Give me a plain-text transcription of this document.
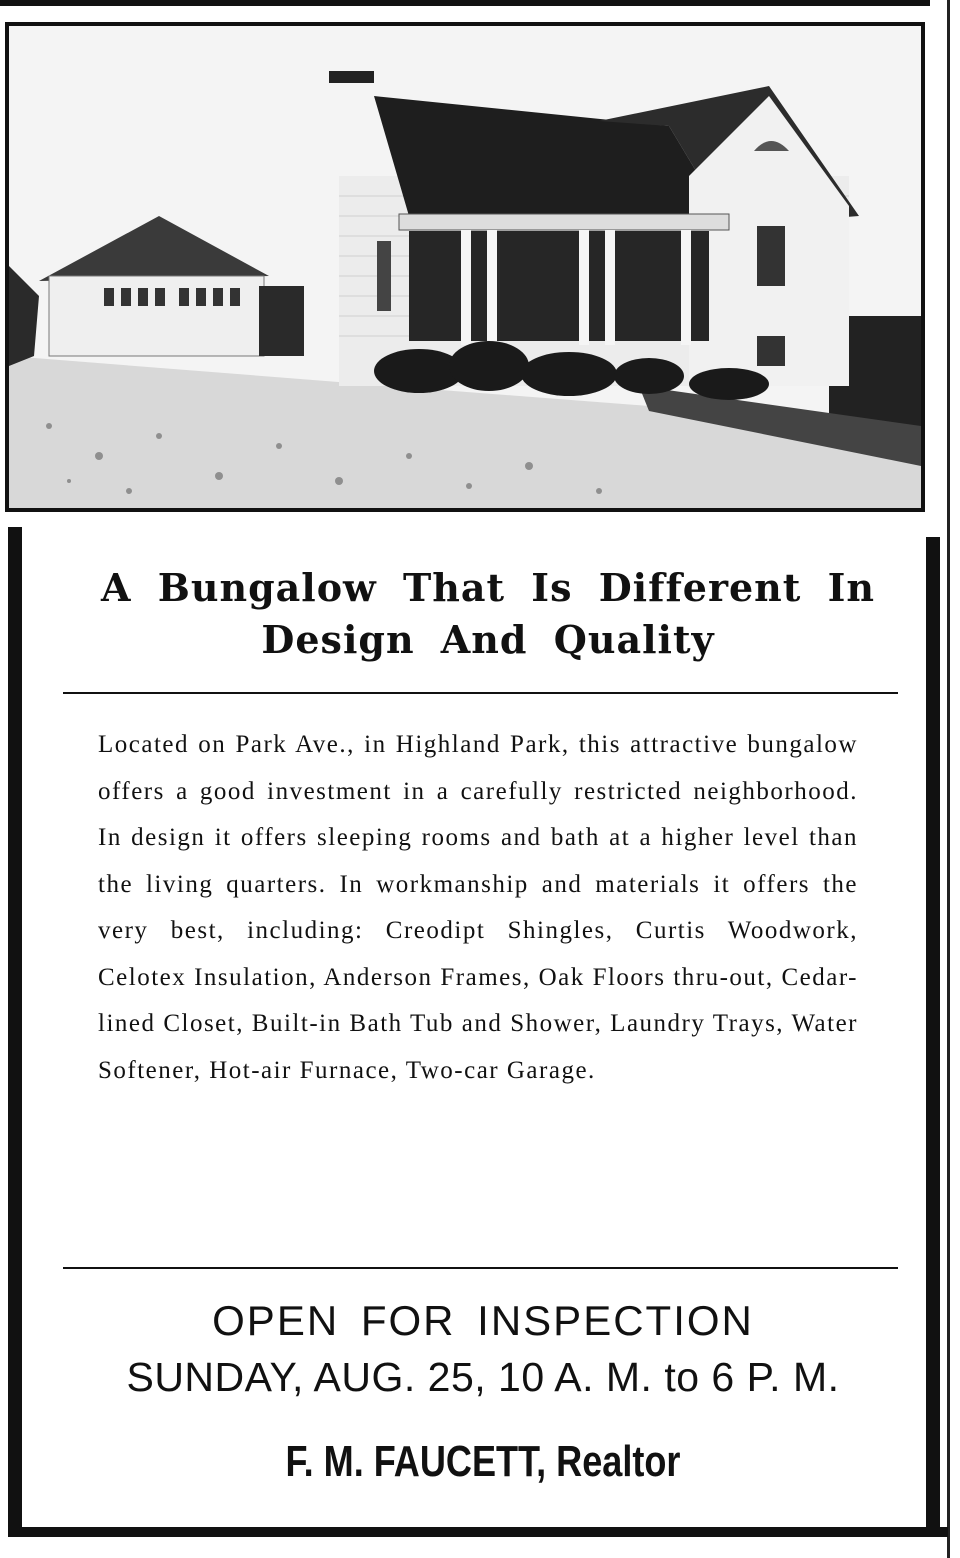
A Bungalow That Is Different In Design And Quality

Located on Park Ave., in Highland Park, this attractive bungalow offers a good investment in a carefully restricted neighborhood. In design it offers sleeping rooms and bath at a higher level than the living quarters. In workmanship and materials it offers the very best, including: Creodipt Shingles, Curtis Woodwork, Celotex Insulation, Anderson Frames, Oak Floors thru-out, Cedar-lined Closet, Built-in Bath Tub and Shower, Laundry Trays, Water Softener, Hot-air Furnace, Two-car Garage.

OPEN FOR INSPECTION

SUNDAY, AUG. 25, 10 A. M. to 6 P. M.

F. M. FAUCETT, Realtor
